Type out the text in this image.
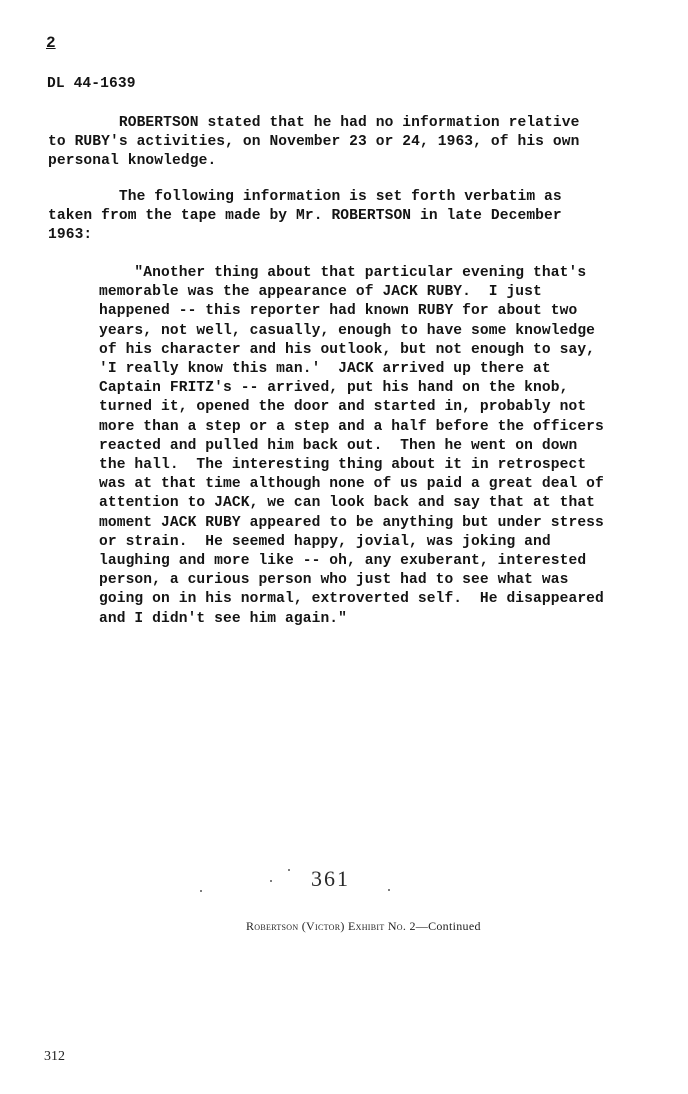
2
DL 44-1639
ROBERTSON stated that he had no information relative
to RUBY's activities, on November 23 or 24, 1963, of his own
personal knowledge.
The following information is set forth verbatim as
taken from the tape made by Mr. ROBERTSON in late December
1963:
"Another thing about that particular evening that's
memorable was the appearance of JACK RUBY.  I just
happened -- this reporter had known RUBY for about two
years, not well, casually, enough to have some knowledge
of his character and his outlook, but not enough to say,
'I really know this man.'  JACK arrived up there at
Captain FRITZ's -- arrived, put his hand on the knob,
turned it, opened the door and started in, probably not
more than a step or a step and a half before the officers
reacted and pulled him back out.  Then he went on down
the hall.  The interesting thing about it in retrospect
was at that time although none of us paid a great deal of
attention to JACK, we can look back and say that at that
moment JACK RUBY appeared to be anything but under stress
or strain.  He seemed happy, jovial, was joking and
laughing and more like -- oh, any exuberant, interested
person, a curious person who just had to see what was
going on in his normal, extroverted self.  He disappeared
and I didn't see him again."
361
Robertson (Victor) Exhibit No. 2—Continued
312
